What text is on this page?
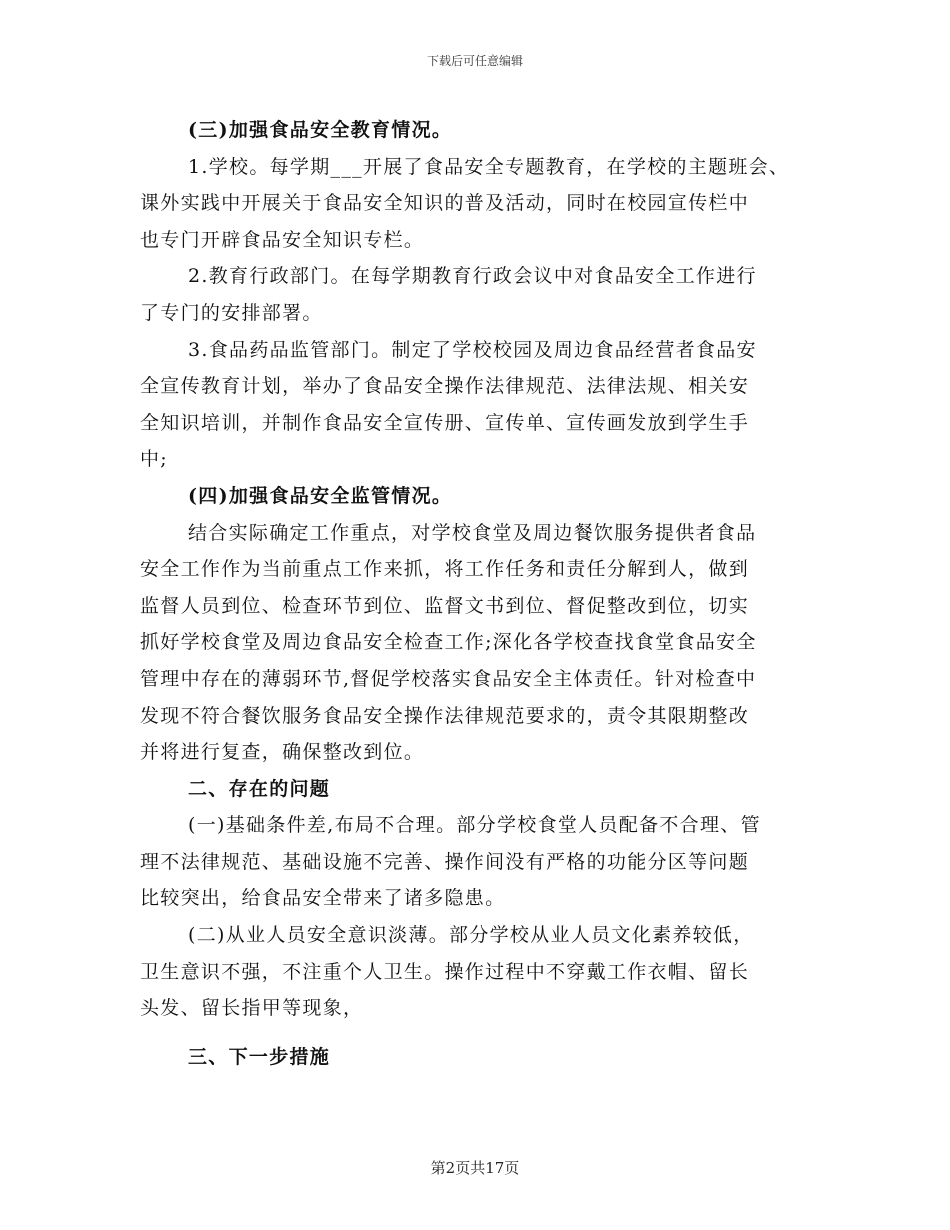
下载后可任意编辑
(三)加强食品安全教育情况。
1.学校。每学期___开展了食品安全专题教育，在学校的主题班会、
课外实践中开展关于食品安全知识的普及活动，同时在校园宣传栏中
也专门开辟食品安全知识专栏。
2.教育行政部门。在每学期教育行政会议中对食品安全工作进行
了专门的安排部署。
3.食品药品监管部门。制定了学校校园及周边食品经营者食品安
全宣传教育计划，举办了食品安全操作法律规范、法律法规、相关安
全知识培训，并制作食品安全宣传册、宣传单、宣传画发放到学生手
中;
(四)加强食品安全监管情况。
结合实际确定工作重点，对学校食堂及周边餐饮服务提供者食品
安全工作作为当前重点工作来抓，将工作任务和责任分解到人，做到
监督人员到位、检查环节到位、监督文书到位、督促整改到位，切实
抓好学校食堂及周边食品安全检查工作;深化各学校查找食堂食品安全
管理中存在的薄弱环节,督促学校落实食品安全主体责任。针对检查中
发现不符合餐饮服务食品安全操作法律规范要求的，责令其限期整改
并将进行复查，确保整改到位。
二、存在的问题
(一)基础条件差,布局不合理。部分学校食堂人员配备不合理、管
理不法律规范、基础设施不完善、操作间没有严格的功能分区等问题
比较突出，给食品安全带来了诸多隐患。
(二)从业人员安全意识淡薄。部分学校从业人员文化素养较低，
卫生意识不强，不注重个人卫生。操作过程中不穿戴工作衣帽、留长
头发、留长指甲等现象，
三、下一步措施
第2页共17页
